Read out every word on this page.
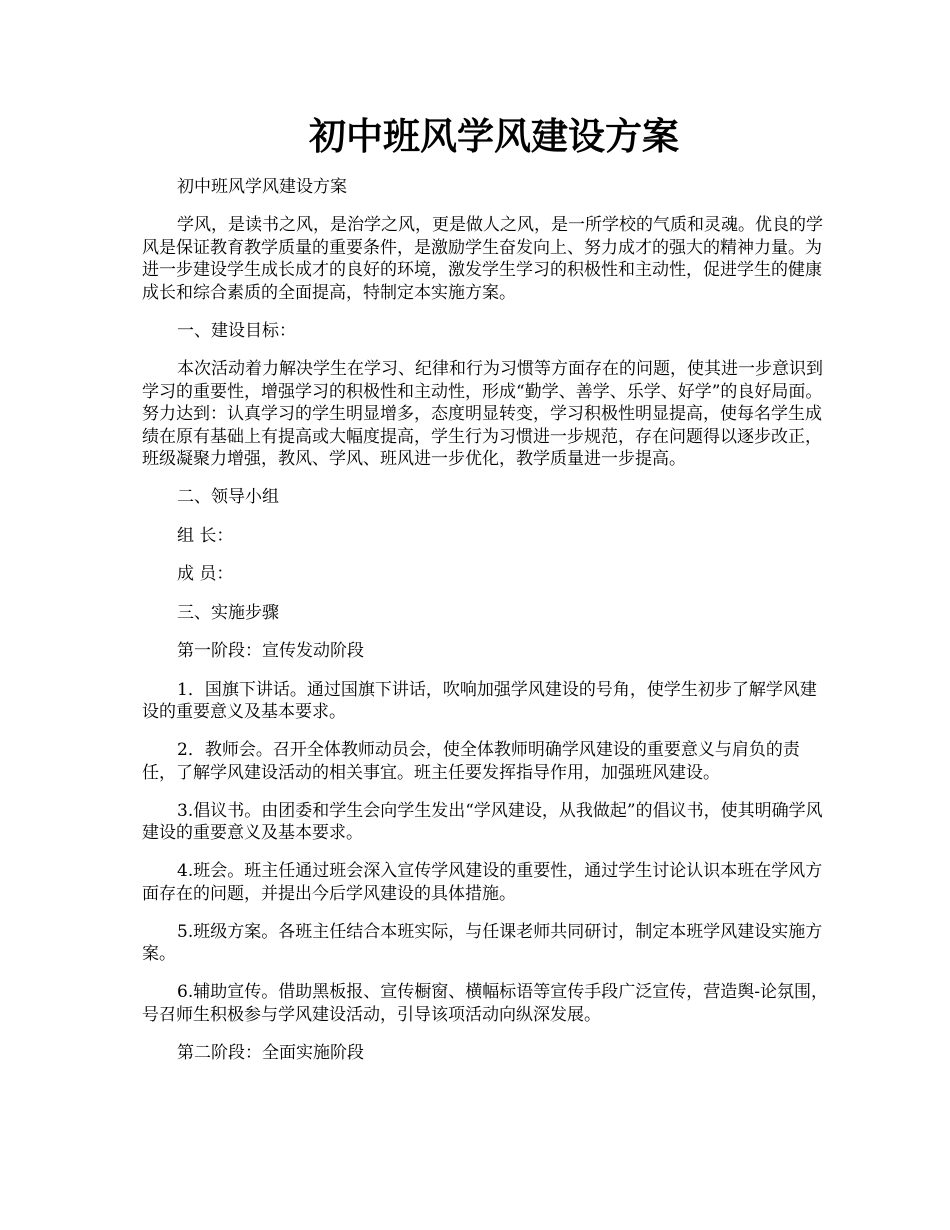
初中班风学风建设方案

初中班风学风建设方案

学风，是读书之风，是治学之风，更是做人之风，是一所学校的气质和灵魂。优良的学风是保证教育教学质量的重要条件，是激励学生奋发向上、努力成才的强大的精神力量。为进一步建设学生成长成才的良好的环境，激发学生学习的积极性和主动性，促进学生的健康成长和综合素质的全面提高，特制定本实施方案。

一、建设目标：

本次活动着力解决学生在学习、纪律和行为习惯等方面存在的问题，使其进一步意识到学习的重要性，增强学习的积极性和主动性，形成“勤学、善学、乐学、好学”的良好局面。努力达到：认真学习的学生明显增多，态度明显转变，学习积极性明显提高，使每名学生成绩在原有基础上有提高或大幅度提高，学生行为习惯进一步规范，存在问题得以逐步改正，班级凝聚力增强，教风、学风、班风进一步优化，教学质量进一步提高。

二、领导小组

组 长：

成 员：

三、实施步骤

第一阶段：宣传发动阶段

1．国旗下讲话。通过国旗下讲话，吹响加强学风建设的号角，使学生初步了解学风建设的重要意义及基本要求。

2．教师会。召开全体教师动员会，使全体教师明确学风建设的重要意义与肩负的责任，了解学风建设活动的相关事宜。班主任要发挥指导作用，加强班风建设。

3.倡议书。由团委和学生会向学生发出“学风建设，从我做起”的倡议书，使其明确学风建设的重要意义及基本要求。

4.班会。班主任通过班会深入宣传学风建设的重要性，通过学生讨论认识本班在学风方面存在的问题，并提出今后学风建设的具体措施。

5.班级方案。各班主任结合本班实际，与任课老师共同研讨，制定本班学风建设实施方案。

6.辅助宣传。借助黑板报、宣传橱窗、横幅标语等宣传手段广泛宣传，营造舆-论氛围，号召师生积极参与学风建设活动，引导该项活动向纵深发展。

第二阶段：全面实施阶段
